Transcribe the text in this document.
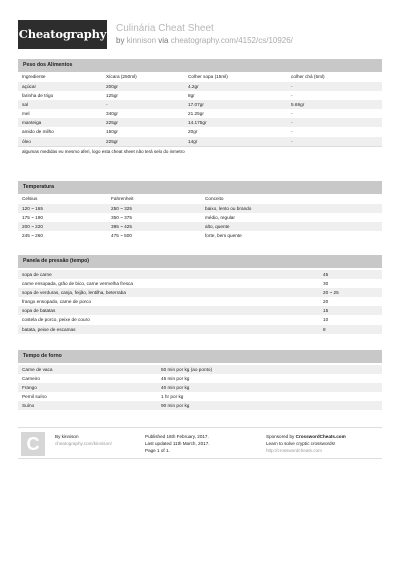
Cheatography Culinária Cheat Sheet
by kinnison via cheatography.com/4152/cs/10926/
Peso dos Alimentos
Ingrediente	Xícara (250ml)	Colher sopa (15ml)	colher chá (5ml)
açúcar	200gr	4.2gr	-
farinha de trigo	125gr	8gr	-
sal	-	17.07gr	5.69gr
mel	340gr	21.25gr	-
manteiga	225gr	14.175gr	-
amido de milho	150gr	20gr	-
óleo	225gr	14gr	-
algumas medidas eu mesmo aferi, logo esta cheat sheet não terá selo do inmetro
Temperatura
Celsius	Fahrenheit	Conceito
120 ~ 165	250 ~ 325	baixo, lento ou brando
175 ~ 190	350 ~ 375	médio, regular
200 ~ 220	395 ~ 425	alto, quente
245 ~ 260	475 ~ 500	forte, bem quente
Panela de pressão (tempo)
sopa de carne	45
carne ensopada, grão de bico, carne vermelha fresca	30
sopa de verduras, canja, feijão, lentilha, beterraba	20 ~ 25
frango ensopado, carne de porco	20
sopa de batatas	15
costela de porco, peixe de couro	10
batata, peixe de escamas	8
Tempo de forno
Carne de vaca	50 min por kg (ao ponto)
Carneiro	45 min por kg
Frango	40 min por kg
Pernil suíno	1 hr por kg
Suíno	90 min por kg
C	By kinnison
cheatography.com/kinnison/
Published 16th February, 2017.
Last updated 11th March, 2017.
Page 1 of 1.
Sponsored by CrosswordCheats.com
Learn to solve cryptic crosswords!
http://crosswordcheats.com
